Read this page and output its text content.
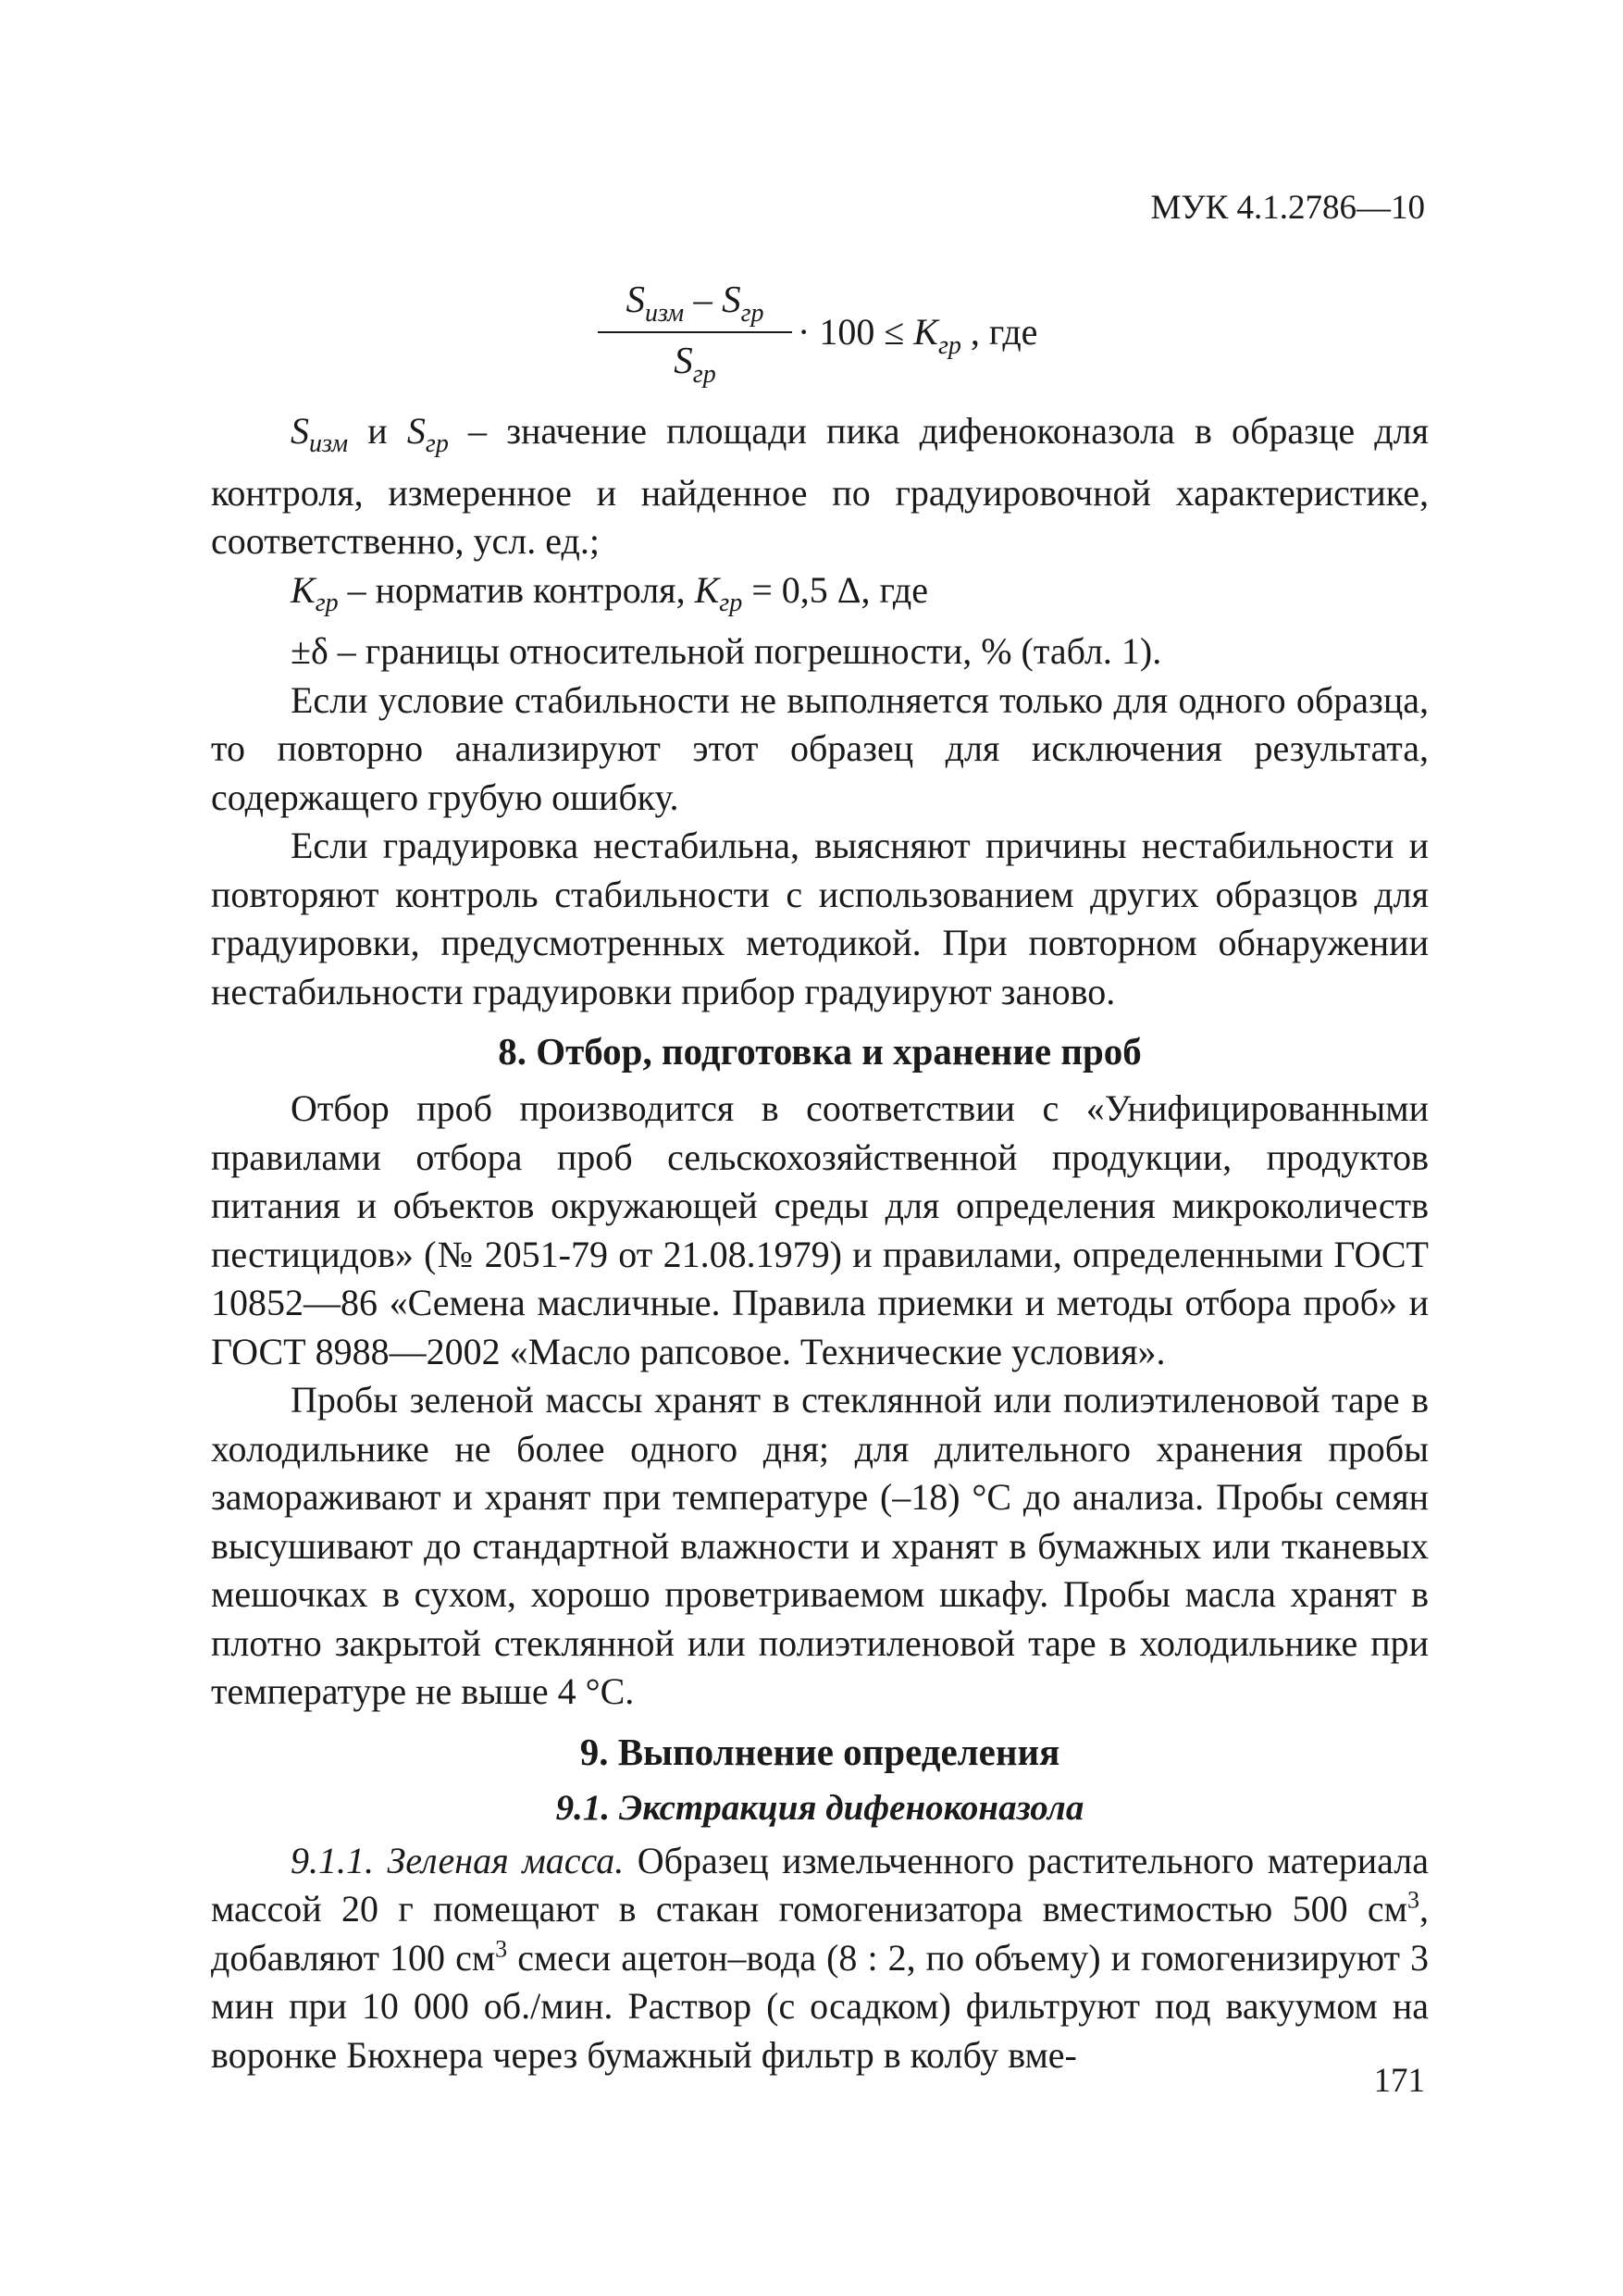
МУК 4.1.2786—10
$S_{изм} - S_{гр}$
$S_{гр}$
· $100 \le K_{гр}$ , где

$S_{изм}$ и $S_{гр}$ – значение площади пика дифеноконазола в образце для контроля, измеренное и найденное по градуировочной характеристике, соответственно, усл. ед.;

$K_{гр}$ – норматив контроля, $K_{гр} = 0,5$ Δ, где

±δ – границы относительной погрешности, % (табл. 1).

Если условие стабильности не выполняется только для одного образца, то повторно анализируют этот образец для исключения результата, содержащего грубую ошибку.

Если градуировка нестабильна, выясняют причины нестабильности и повторяют контроль стабильности с использованием других образцов для градуировки, предусмотренных методикой. При повторном обнаружении нестабильности градуировки прибор градуируют заново.

8. Отбор, подготовка и хранение проб

Отбор проб производится в соответствии с «Унифицированными правилами отбора проб сельскохозяйственной продукции, продуктов питания и объектов окружающей среды для определения микроколичеств пестицидов» (№ 2051-79 от 21.08.1979) и правилами, определенными ГОСТ 10852—86 «Семена масличные. Правила приемки и методы отбора проб» и ГОСТ 8988—2002 «Масло рапсовое. Технические условия».

Пробы зеленой массы хранят в стеклянной или полиэтиленовой таре в холодильнике не более одного дня; для длительного хранения пробы замораживают и хранят при температуре (–18) °С до анализа. Пробы семян высушивают до стандартной влажности и хранят в бумажных или тканевых мешочках в сухом, хорошо проветриваемом шкафу. Пробы масла хранят в плотно закрытой стеклянной или полиэтиленовой таре в холодильнике при температуре не выше 4 °С.

9. Выполнение определения
9.1. Экстракция дифеноконазола

9.1.1. Зеленая масса. Образец измельченного растительного материала массой 20 г помещают в стакан гомогенизатора вместимостью 500 $см^3$, добавляют 100 $см^3$ смеси ацетон–вода (8 : 2, по объему) и гомогенизируют 3 мин при 10 000 об./мин. Раствор (с осадком) фильтруют под вакуумом на воронке Бюхнера через бумажный фильтр в колбу вме-

171
